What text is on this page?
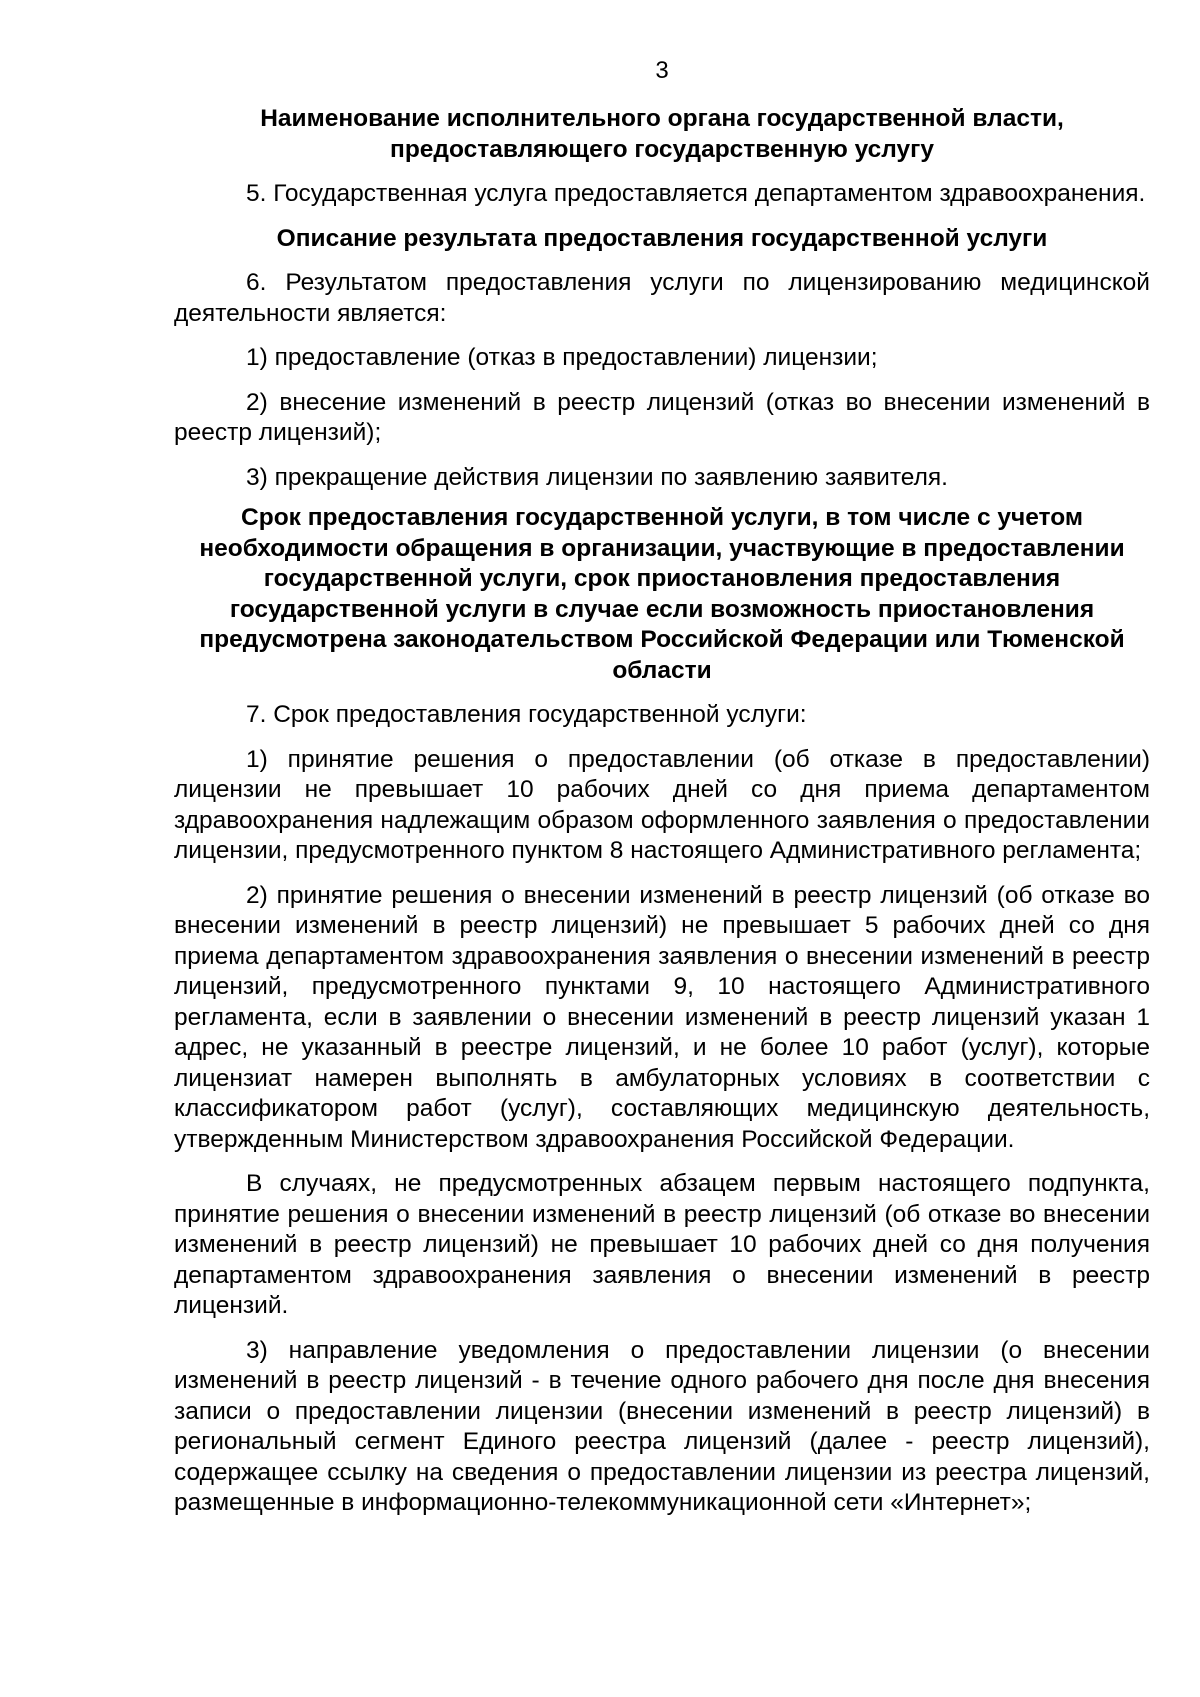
3
Наименование исполнительного органа государственной власти, предоставляющего государственную услугу
5. Государственная услуга предоставляется департаментом здравоохранения.
Описание результата предоставления государственной услуги
6. Результатом предоставления услуги по лицензированию медицинской деятельности является:
1) предоставление (отказ в предоставлении) лицензии;
2) внесение изменений в реестр лицензий (отказ во внесении изменений в реестр лицензий);
3) прекращение действия лицензии по заявлению заявителя.
Срок предоставления государственной услуги, в том числе с учетом необходимости обращения в организации, участвующие в предоставлении государственной услуги, срок приостановления предоставления государственной услуги в случае если возможность приостановления предусмотрена законодательством Российской Федерации или Тюменской области
7. Срок предоставления государственной услуги:
1) принятие решения о предоставлении (об отказе в предоставлении) лицензии не превышает 10 рабочих дней со дня приема департаментом здравоохранения надлежащим образом оформленного заявления о предоставлении лицензии, предусмотренного пунктом 8 настоящего Административного регламента;
2) принятие решения о внесении изменений в реестр лицензий (об отказе во внесении изменений в реестр лицензий) не превышает 5 рабочих дней со дня приема департаментом здравоохранения заявления о внесении изменений в реестр лицензий, предусмотренного пунктами 9, 10 настоящего Административного регламента, если в заявлении о внесении изменений в реестр лицензий указан 1 адрес, не указанный в реестре лицензий, и не более 10 работ (услуг), которые лицензиат намерен выполнять в амбулаторных условиях в соответствии с классификатором работ (услуг), составляющих медицинскую деятельность, утвержденным Министерством здравоохранения Российской Федерации.
В случаях, не предусмотренных абзацем первым настоящего подпункта, принятие решения о внесении изменений в реестр лицензий (об отказе во внесении изменений в реестр лицензий) не превышает 10 рабочих дней со дня получения департаментом здравоохранения заявления о внесении изменений в реестр лицензий.
3) направление уведомления о предоставлении лицензии (о внесении изменений в реестр лицензий - в течение одного рабочего дня после дня внесения записи о предоставлении лицензии (внесении изменений в реестр лицензий) в региональный сегмент Единого реестра лицензий (далее - реестр лицензий), содержащее ссылку на сведения о предоставлении лицензии из реестра лицензий, размещенные в информационно-телекоммуникационной сети «Интернет»;
